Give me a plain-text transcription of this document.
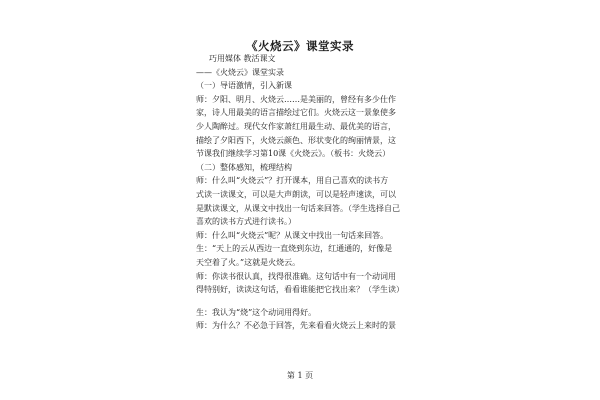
《火烧云》课堂实录
巧用媒体 教活课文
——《火烧云》课堂实录
（一）导语激情，引入新课
师：夕阳、明月、火烧云……是美丽的，曾经有多少仕作
家，诗人用最美的语言描绘过它们。火烧云这一景象使多
少人陶醉过。现代女作家萧红用最生动、最优美的语言，
描绘了夕阳西下，火烧云颜色、形状变化的绚丽情景，这
节课我们继续学习第10课《火烧云》。（板书：火烧云）
（二）整体感知，梳理结构
师：什么叫“火烧云”？打开课本，用自己喜欢的读书方
式读一读课文，可以是大声朗读，可以是轻声速读，可以
是默读课文，从课文中找出一句话来回答。（学生选择自己
喜欢的读书方式进行读书。）
师：什么叫“火烧云”呢？从课文中找出一句话来回答。
生：“天上的云从西边一直烧到东边，红通通的，好像是
天空着了火。”这就是火烧云。
师：你读书很认真，找得很准确。这句话中有一个动词用
得特别好，读读这句话，看看谁能把它找出来？（学生读）
生：我认为“烧”这个动词用得好。
师：为什么？不必急于回答，先来看看火烧云上来时的景
第 1 页
